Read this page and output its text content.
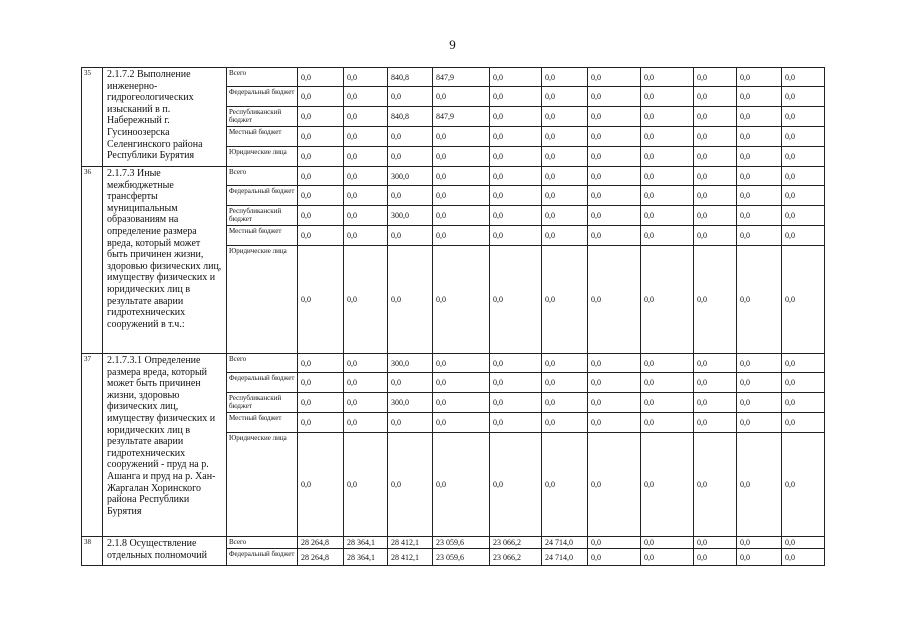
9
35	2.1.7.2 Выполнение инженерно-гидрогеологических изысканий в п. Набережный г. Гусиноозерска Селенгинского района Республики Бурятия	Всего	0,0	0,0	840,8	847,9	0,0	0,0	0,0	0,0	0,0	0,0	0,0
		Федеральный бюджет	0,0	0,0	0,0	0,0	0,0	0,0	0,0	0,0	0,0	0,0	0,0
		Республиканский бюджет	0,0	0,0	840,8	847,9	0,0	0,0	0,0	0,0	0,0	0,0	0,0
		Местный бюджет	0,0	0,0	0,0	0,0	0,0	0,0	0,0	0,0	0,0	0,0	0,0
		Юридические лица	0,0	0,0	0,0	0,0	0,0	0,0	0,0	0,0	0,0	0,0	0,0
36	2.1.7.3 Иные межбюджетные трансферты муниципальным образованиям на определение размера вреда, который может быть причинен жизни, здоровью физических лиц, имуществу физических и юридических лиц в результате аварии гидротехнических сооружений в т.ч.:	Всего	0,0	0,0	300,0	0,0	0,0	0,0	0,0	0,0	0,0	0,0	0,0
		Федеральный бюджет	0,0	0,0	0,0	0,0	0,0	0,0	0,0	0,0	0,0	0,0	0,0
		Республиканский бюджет	0,0	0,0	300,0	0,0	0,0	0,0	0,0	0,0	0,0	0,0	0,0
		Местный бюджет	0,0	0,0	0,0	0,0	0,0	0,0	0,0	0,0	0,0	0,0	0,0
		Юридические лица	0,0	0,0	0,0	0,0	0,0	0,0	0,0	0,0	0,0	0,0	0,0
37	2.1.7.3.1 Определение размера вреда, который может быть причинен жизни, здоровью физических лиц, имуществу физических и юридических лиц в результате аварии гидротехнических сооружений - пруд на р. Ашанга и пруд на р. Хан-Жаргалан Хоринского района Республики Бурятия	Всего	0,0	0,0	300,0	0,0	0,0	0,0	0,0	0,0	0,0	0,0	0,0
		Федеральный бюджет	0,0	0,0	0,0	0,0	0,0	0,0	0,0	0,0	0,0	0,0	0,0
		Республиканский бюджет	0,0	0,0	300,0	0,0	0,0	0,0	0,0	0,0	0,0	0,0	0,0
		Местный бюджет	0,0	0,0	0,0	0,0	0,0	0,0	0,0	0,0	0,0	0,0	0,0
		Юридические лица	0,0	0,0	0,0	0,0	0,0	0,0	0,0	0,0	0,0	0,0	0,0
38	2.1.8 Осуществление отдельных полномочий	Всего	28 264,8	28 364,1	28 412,1	23 059,6	23 066,2	24 714,0	0,0	0,0	0,0	0,0	0,0
		Федеральный бюджет	28 264,8	28 364,1	28 412,1	23 059,6	23 066,2	24 714,0	0,0	0,0	0,0	0,0	0,0
